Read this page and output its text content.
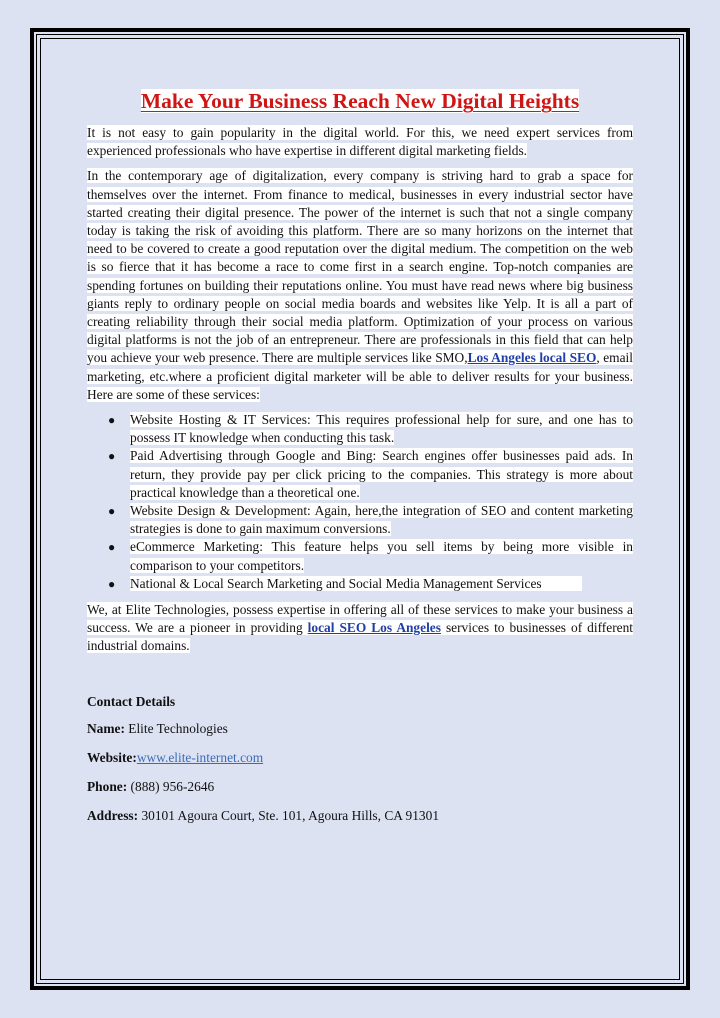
Make Your Business Reach New Digital Heights

It is not easy to gain popularity in the digital world. For this, we need expert services from experienced professionals who have expertise in different digital marketing fields.

In the contemporary age of digitalization, every company is striving hard to grab a space for themselves over the internet. From finance to medical, businesses in every industrial sector have started creating their digital presence. The power of the internet is such that not a single company today is taking the risk of avoiding this platform. There are so many horizons on the internet that need to be covered to create a good reputation over the digital medium. The competition on the web is so fierce that it has become a race to come first in a search engine. Top-notch companies are spending fortunes on building their reputations online. You must have read news where big business giants reply to ordinary people on social media boards and websites like Yelp. It is all a part of creating reliability through their social media platform. Optimization of your process on various digital platforms is not the job of an entrepreneur. There are professionals in this field that can help you achieve your web presence. There are multiple services like SMO,Los Angeles local SEO, email marketing, etc.where a proficient digital marketer will be able to deliver results for your business. Here are some of these services:

● Website Hosting & IT Services: This requires professional help for sure, and one has to possess IT knowledge when conducting this task.
● Paid Advertising through Google and Bing: Search engines offer businesses paid ads. In return, they provide pay per click pricing to the companies. This strategy is more about practical knowledge than a theoretical one.
● Website Design & Development: Again, here,the integration of SEO and content marketing strategies is done to gain maximum conversions.
● eCommerce Marketing: This feature helps you sell items by being more visible in comparison to your competitors.
● National & Local Search Marketing and Social Media Management Services

We, at Elite Technologies, possess expertise in offering all of these services to make your business a success. We are a pioneer in providing local SEO Los Angeles services to businesses of different industrial domains.

Contact Details
Name: Elite Technologies
Website:www.elite-internet.com
Phone: (888) 956-2646
Address: 30101 Agoura Court, Ste. 101, Agoura Hills, CA 91301
